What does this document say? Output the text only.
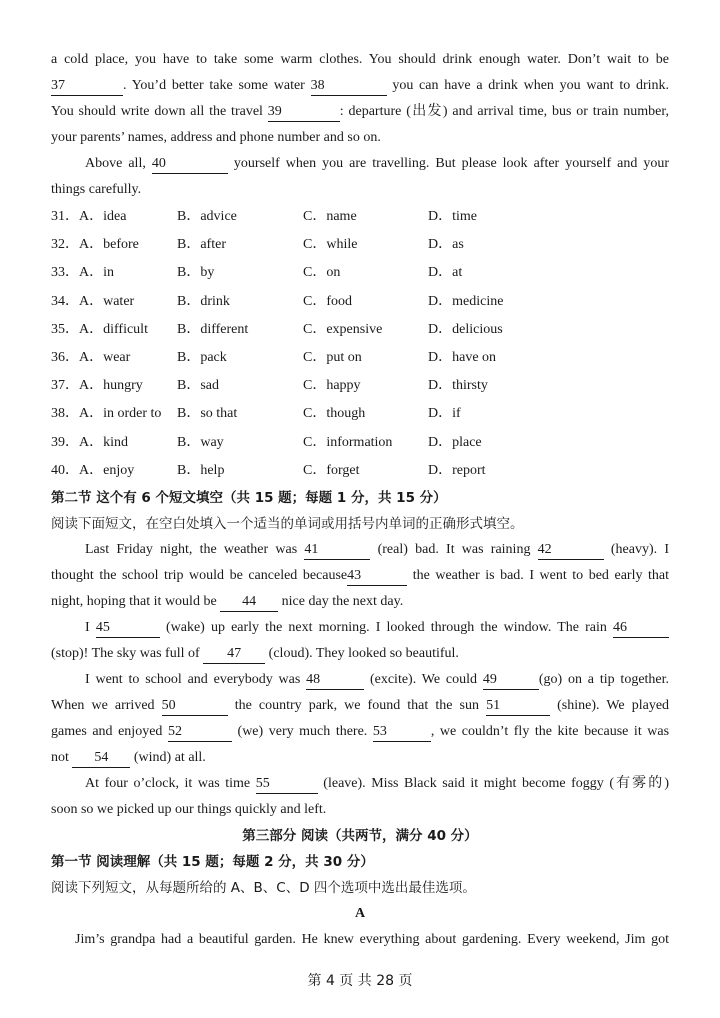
a cold place, you have to take some warm clothes. You should drink enough water. Don’t wait to be
37	. You’d better take some water 38	you can have a drink when you want to drink.
You should write down all the travel 39	: departure (出发) and arrival time, bus or train number,
your parents’ names, address and phone number and so on.
Above all, 40	yourself when you are travelling. But please look after yourself and your
things carefully.
31．A．idea	B．advice	C．name	D．time
32．A．before	B．after	C．while	D．as
33．A．in	B．by	C．on	D．at
34．A．water	B．drink	C．food	D．medicine
35．A．difficult B．different	C．expensive	D．delicious
36．A．wear	B．pack	C．put on	D．have on
37．A．hungry B．sad	C．happy	D．thirsty
38．A．in order to B．so that	C．though	D．if
39．A．kind	B．way	C．information	D．place
40．A．enjoy	B．help	C．forget	D．report
第二节 这个有 6 个短文填空（共 15 题；每题 1 分，共 15 分）
阅读下面短文，在空白处填入一个适当的单词或用括号内单词的正确形式填空。
Last Friday night, the weather was 41	(real) bad. It was raining 42	(heavy). I
thought the school trip would be canceled because43	the weather is bad. I went to bed early that
night, hoping that it would be 44 nice day the next day.
I 45	(wake) up early the next morning. I looked through the window. The rain 46
(stop)! The sky was full of 47 (cloud). They looked so beautiful.
I went to school and everybody was 48	(excite). We could 49	(go) on a tip together.
When we arrived 50	the country park, we found that the sun 51	(shine). We played
games and enjoyed 52	(we) very much there. 53	, we couldn’t fly the kite because it was
not 54 (wind) at all.
At four o’clock, it was time 55	(leave). Miss Black said it might become foggy (有雾的)
soon so we picked up our things quickly and left.
第三部分 阅读（共两节，满分 40 分）
第一节 阅读理解（共 15 题；每题 2 分，共 30 分）
阅读下列短文，从每题所给的 A、B、C、D 四个选项中选出最佳选项。
A
Jim’s grandpa had a beautiful garden. He knew everything about gardening. Every weekend, Jim got
第 4 页 共 28 页
